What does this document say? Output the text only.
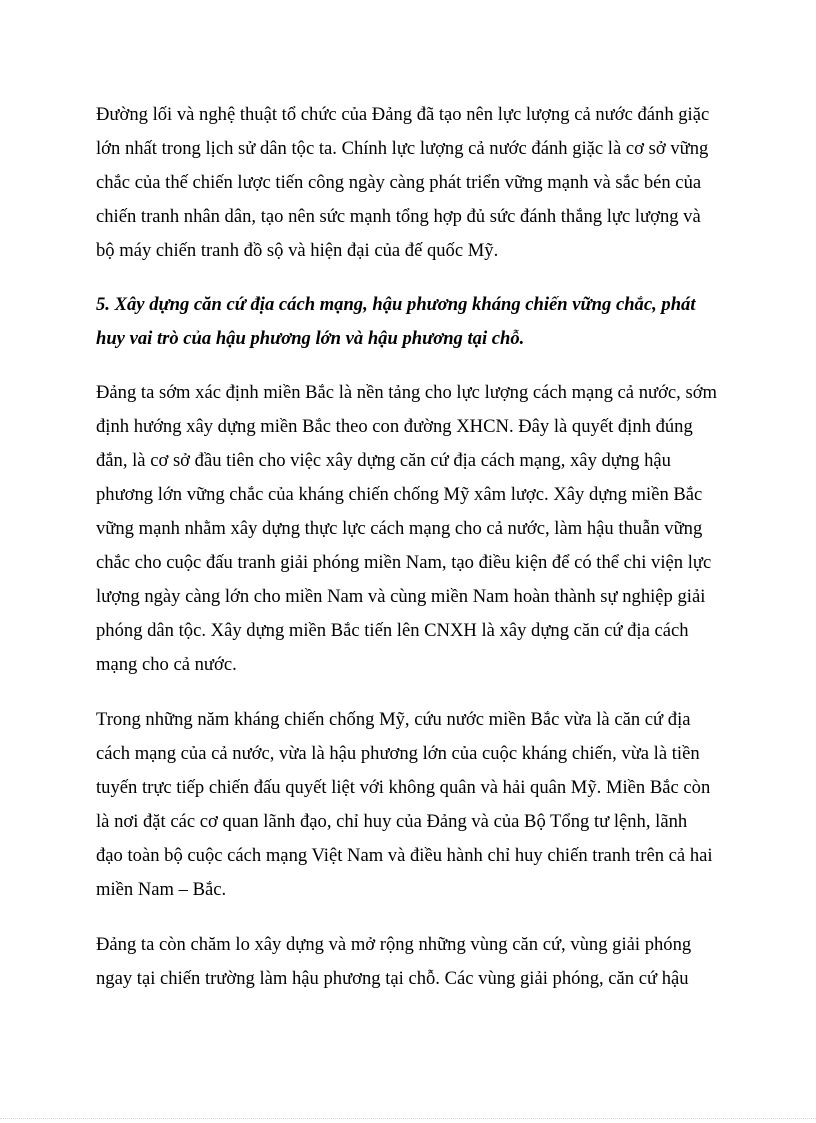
Đường lối và nghệ thuật tổ chức của Đảng đã tạo nên lực lượng cả nước đánh giặc
lớn nhất trong lịch sử dân tộc ta. Chính lực lượng cả nước đánh giặc là cơ sở vững
chắc của thế chiến lược tiến công ngày càng phát triển vững mạnh và sắc bén của
chiến tranh nhân dân, tạo nên sức mạnh tổng hợp đủ sức đánh thắng lực lượng và
bộ máy chiến tranh đồ sộ và hiện đại của đế quốc Mỹ.
5. Xây dựng căn cứ địa cách mạng, hậu phương kháng chiến vững chắc, phát
huy vai trò của hậu phương lớn và hậu phương tại chỗ.
Đảng ta sớm xác định miền Bắc là nền tảng cho lực lượng cách mạng cả nước, sớm
định hướng xây dựng miền Bắc theo con đường XHCN. Đây là quyết định đúng
đắn, là cơ sở đầu tiên cho việc xây dựng căn cứ địa cách mạng, xây dựng hậu
phương lớn vững chắc của kháng chiến chống Mỹ xâm lược. Xây dựng miền Bắc
vững mạnh nhằm xây dựng thực lực cách mạng cho cả nước, làm hậu thuẫn vững
chắc cho cuộc đấu tranh giải phóng miền Nam, tạo điều kiện để có thể chi viện lực
lượng ngày càng lớn cho miền Nam và cùng miền Nam hoàn thành sự nghiệp giải
phóng dân tộc. Xây dựng miền Bắc tiến lên CNXH là xây dựng căn cứ địa cách
mạng cho cả nước.
Trong những năm kháng chiến chống Mỹ, cứu nước miền Bắc vừa là căn cứ địa
cách mạng của cả nước, vừa là hậu phương lớn của cuộc kháng chiến, vừa là tiền
tuyến trực tiếp chiến đấu quyết liệt với không quân và hải quân Mỹ. Miền Bắc còn
là nơi đặt các cơ quan lãnh đạo, chỉ huy của Đảng và của Bộ Tổng tư lệnh, lãnh
đạo toàn bộ cuộc cách mạng Việt Nam và điều hành chỉ huy chiến tranh trên cả hai
miền Nam – Bắc.
Đảng ta còn chăm lo xây dựng và mở rộng những vùng căn cứ, vùng giải phóng
ngay tại chiến trường làm hậu phương tại chỗ. Các vùng giải phóng, căn cứ hậu
